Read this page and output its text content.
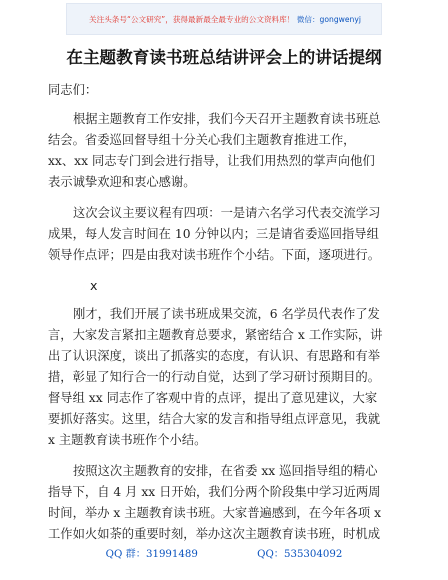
关注头条号“公文研究”，获得最新最全最专业的公文资料库！ 微信：gongwenyj
在主题教育读书班总结讲评会上的讲话提纲
同志们：
根据主题教育工作安排，我们今天召开主题教育读书班总
结会。省委巡回督导组十分关心我们主题教育推进工作，
xx、xx 同志专门到会进行指导，让我们用热烈的掌声向他们
表示诚挚欢迎和衷心感谢。
这次会议主要议程有四项：一是请六名学习代表交流学习
成果，每人发言时间在 10 分钟以内；三是请省委巡回指导组
领导作点评；四是由我对读书班作个小结。下面，逐项进行。
x
刚才，我们开展了读书班成果交流，6 名学员代表作了发
言，大家发言紧扣主题教育总要求，紧密结合 x 工作实际，讲
出了认识深度，谈出了抓落实的态度，有认识、有思路和有举
措，彰显了知行合一的行动自觉，达到了学习研讨预期目的。
督导组 xx 同志作了客观中肯的点评，提出了意见建议，大家
要抓好落实。这里，结合大家的发言和指导组点评意见，我就
x 主题教育读书班作个小结。
按照这次主题教育的安排，在省委 xx 巡回指导组的精心
指导下，自 4 月 xx 日开始，我们分两个阶段集中学习近两周
时间，举办 x 主题教育读书班。大家普遍感到，在今年各项 x
工作如火如荼的重要时刻，举办这次主题教育读书班，时机成
QQ 群：31991489	QQ：535304092
